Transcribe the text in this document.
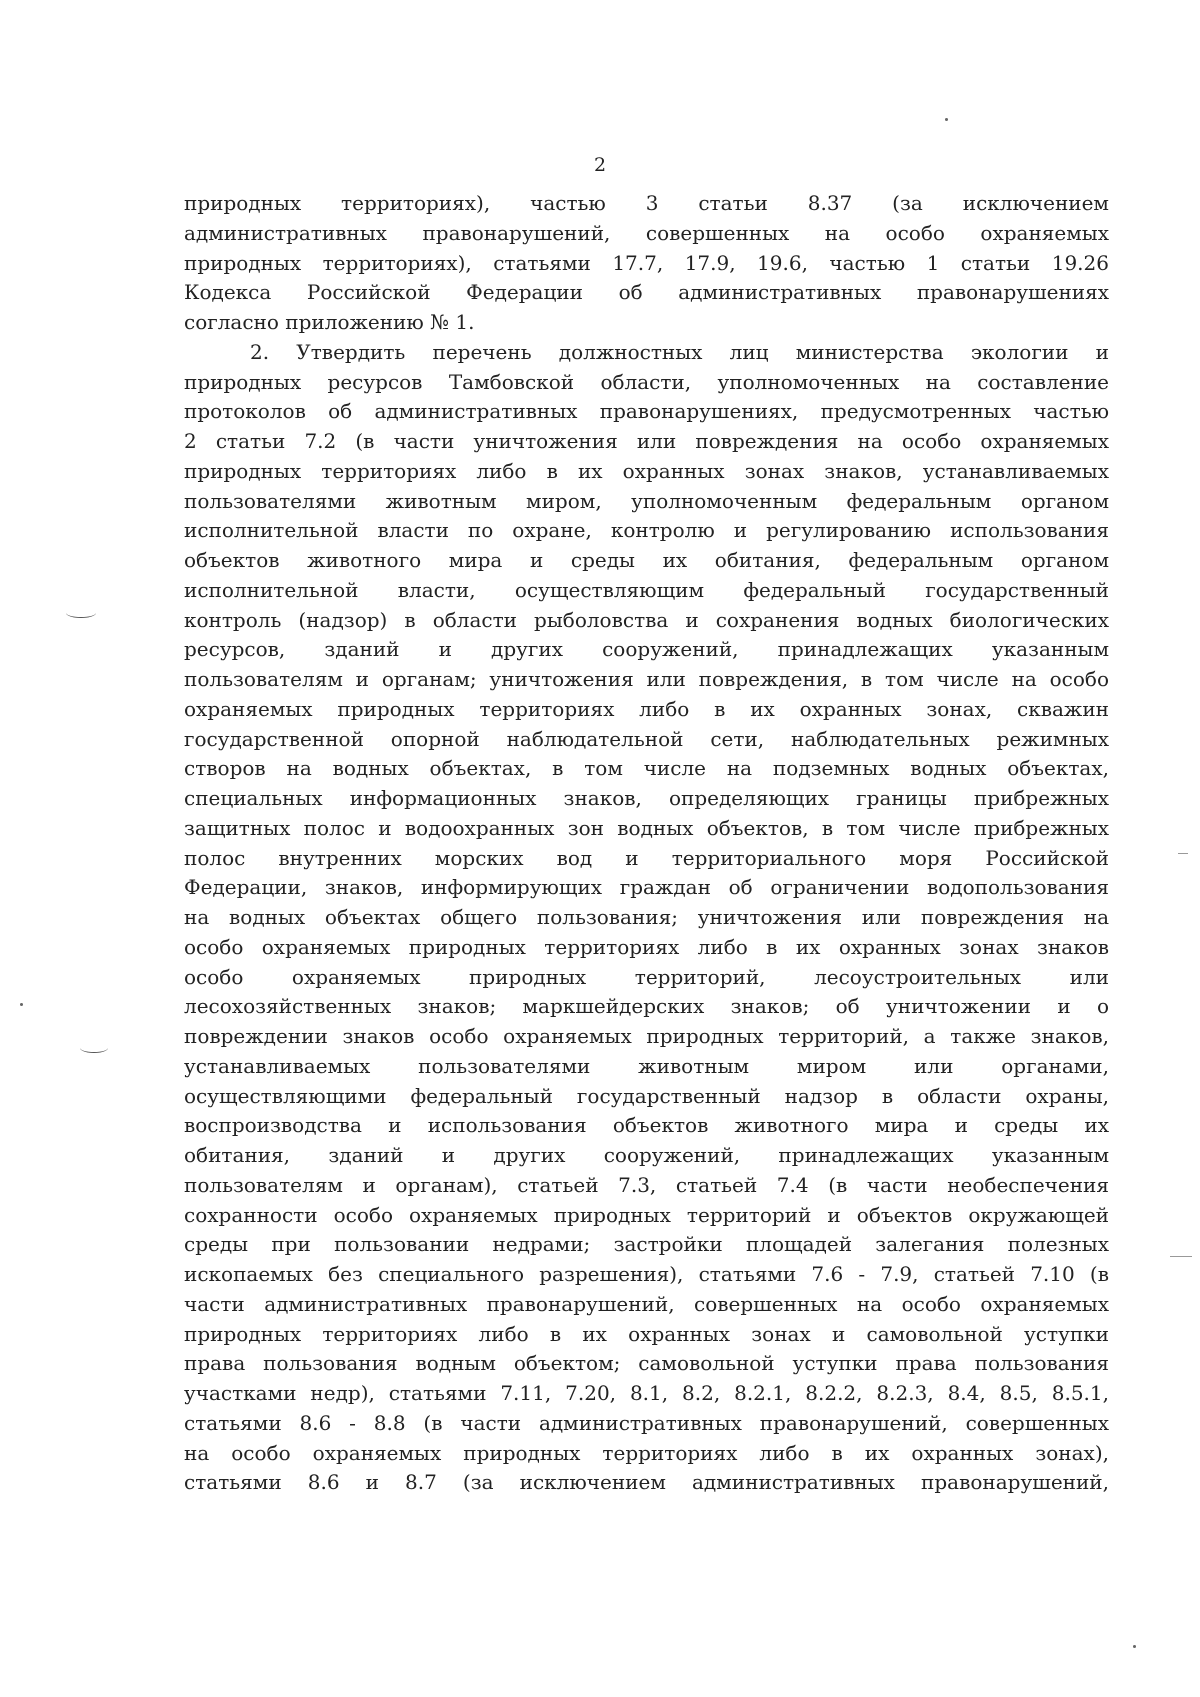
2
природных территориях), частью 3 статьи 8.37 (за исключением
административных правонарушений, совершенных на особо охраняемых
природных территориях), статьями 17.7, 17.9, 19.6, частью 1 статьи 19.26
Кодекса Российской Федерации об административных правонарушениях
согласно приложению № 1.
2. Утвердить перечень должностных лиц министерства экологии и
природных ресурсов Тамбовской области, уполномоченных на составление
протоколов об административных правонарушениях, предусмотренных частью
2 статьи 7.2 (в части уничтожения или повреждения на особо охраняемых
природных территориях либо в их охранных зонах знаков, устанавливаемых
пользователями животным миром, уполномоченным федеральным органом
исполнительной власти по охране, контролю и регулированию использования
объектов животного мира и среды их обитания, федеральным органом
исполнительной власти, осуществляющим федеральный государственный
контроль (надзор) в области рыболовства и сохранения водных биологических
ресурсов, зданий и других сооружений, принадлежащих указанным
пользователям и органам; уничтожения или повреждения, в том числе на особо
охраняемых природных территориях либо в их охранных зонах, скважин
государственной опорной наблюдательной сети, наблюдательных режимных
створов на водных объектах, в том числе на подземных водных объектах,
специальных информационных знаков, определяющих границы прибрежных
защитных полос и водоохранных зон водных объектов, в том числе прибрежных
полос внутренних морских вод и территориального моря Российской
Федерации, знаков, информирующих граждан об ограничении водопользования
на водных объектах общего пользования; уничтожения или повреждения на
особо охраняемых природных территориях либо в их охранных зонах знаков
особо охраняемых природных территорий, лесоустроительных или
лесохозяйственных знаков; маркшейдерских знаков; об уничтожении и о
повреждении знаков особо охраняемых природных территорий, а также знаков,
устанавливаемых пользователями животным миром или органами,
осуществляющими федеральный государственный надзор в области охраны,
воспроизводства и использования объектов животного мира и среды их
обитания, зданий и других сооружений, принадлежащих указанным
пользователям и органам), статьей 7.3, статьей 7.4 (в части необеспечения
сохранности особо охраняемых природных территорий и объектов окружающей
среды при пользовании недрами; застройки площадей залегания полезных
ископаемых без специального разрешения), статьями 7.6 - 7.9, статьей 7.10 (в
части административных правонарушений, совершенных на особо охраняемых
природных территориях либо в их охранных зонах и самовольной уступки
права пользования водным объектом; самовольной уступки права пользования
участками недр), статьями 7.11, 7.20, 8.1, 8.2, 8.2.1, 8.2.2, 8.2.3, 8.4, 8.5, 8.5.1,
статьями 8.6 - 8.8 (в части административных правонарушений, совершенных
на особо охраняемых природных территориях либо в их охранных зонах),
статьями 8.6 и 8.7 (за исключением административных правонарушений,
